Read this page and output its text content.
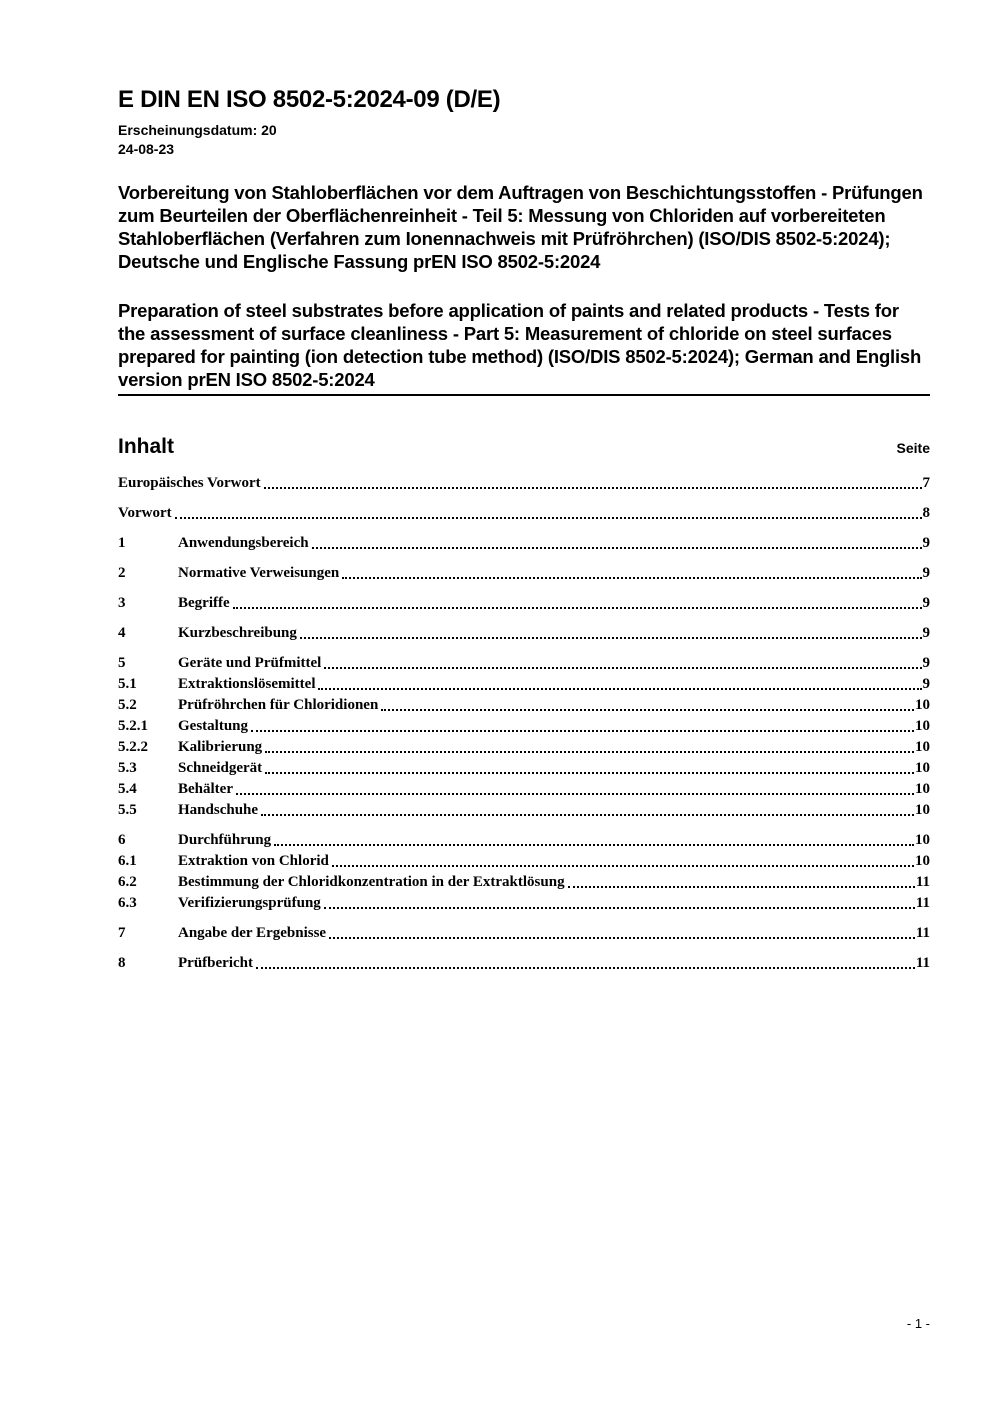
E DIN EN ISO 8502-5:2024-09 (D/E)
Erscheinungsdatum: 20
24-08-23

Vorbereitung von Stahloberflächen vor dem Auftragen von Beschichtungsstoffen - Prüfungen zum Beurteilen der Oberflächenreinheit - Teil 5: Messung von Chloriden auf vorbereiteten Stahloberflächen (Verfahren zum Ionennachweis mit Prüfröhrchen) (ISO/DIS 8502-5:2024); Deutsche und Englische Fassung prEN ISO 8502-5:2024

Preparation of steel substrates before application of paints and related products - Tests for the assessment of surface cleanliness - Part 5: Measurement of chloride on steel surfaces prepared for painting (ion detection tube method) (ISO/DIS 8502-5:2024); German and English version prEN ISO 8502-5:2024

Inhalt	Seite
Europäisches Vorwort	7
Vorwort	8
1	Anwendungsbereich	9
2	Normative Verweisungen	9
3	Begriffe	9
4	Kurzbeschreibung	9
5	Geräte und Prüfmittel	9
5.1	Extraktionslösemittel	9
5.2	Prüfröhrchen für Chloridionen	10
5.2.1	Gestaltung	10
5.2.2	Kalibrierung	10
5.3	Schneidgerät	10
5.4	Behälter	10
5.5	Handschuhe	10
6	Durchführung	10
6.1	Extraktion von Chlorid	10
6.2	Bestimmung der Chloridkonzentration in der Extraktlösung	11
6.3	Verifizierungsprüfung	11
7	Angabe der Ergebnisse	11
8	Prüfbericht	11
- 1 -
